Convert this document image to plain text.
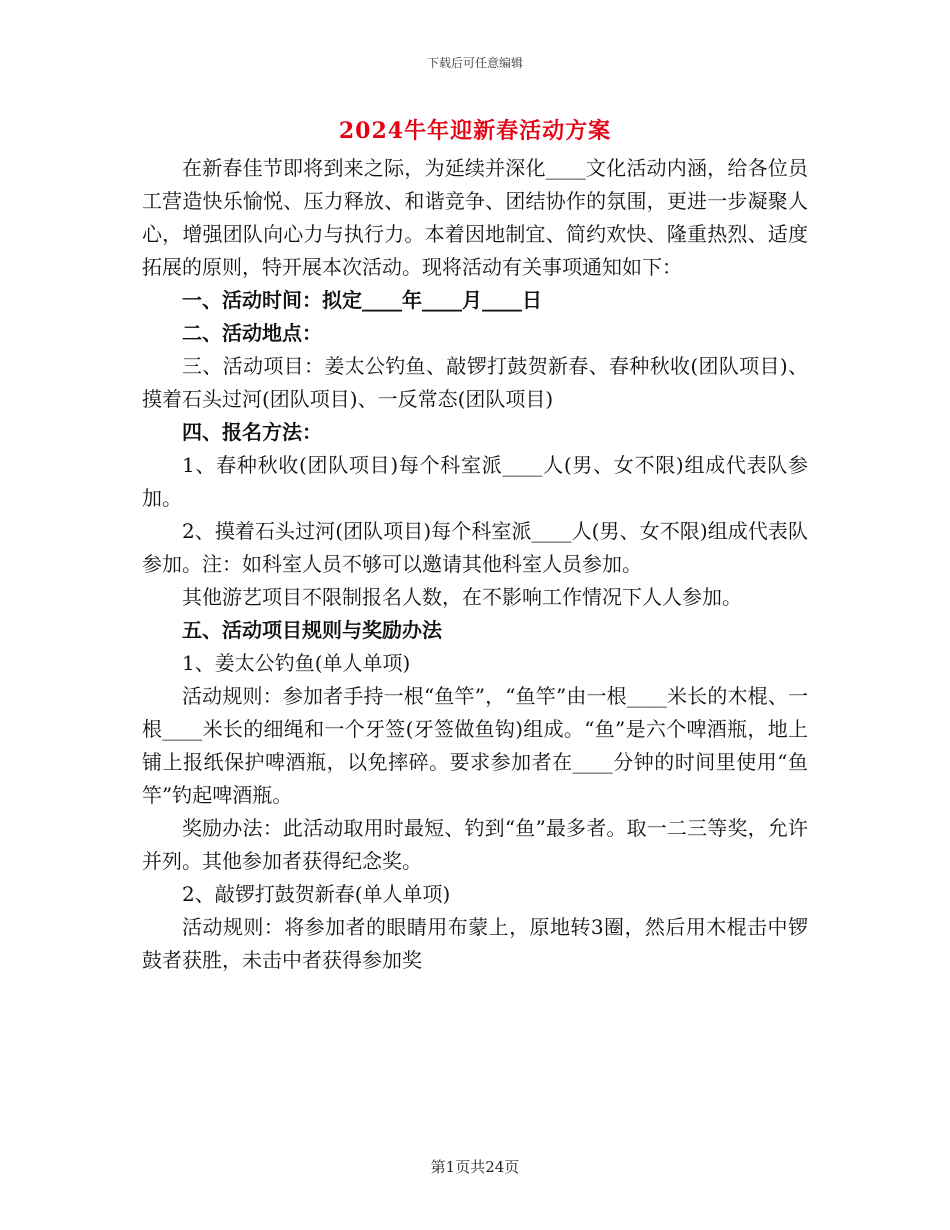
下载后可任意编辑
2024牛年迎新春活动方案

在新春佳节即将到来之际，为延续并深化____文化活动内涵，给各位员工营造快乐愉悦、压力释放、和谐竞争、团结协作的氛围，更进一步凝聚人心，增强团队向心力与执行力。本着因地制宜、简约欢快、隆重热烈、适度拓展的原则，特开展本次活动。现将活动有关事项通知如下：

一、活动时间：拟定____年____月____日

二、活动地点：

三、活动项目：姜太公钓鱼、敲锣打鼓贺新春、春种秋收(团队项目)、摸着石头过河(团队项目)、一反常态(团队项目)

四、报名方法：

1、春种秋收(团队项目)每个科室派____人(男、女不限)组成代表队参加。

2、摸着石头过河(团队项目)每个科室派____人(男、女不限)组成代表队参加。注：如科室人员不够可以邀请其他科室人员参加。

其他游艺项目不限制报名人数，在不影响工作情况下人人参加。

五、活动项目规则与奖励办法

1、姜太公钓鱼(单人单项)

活动规则：参加者手持一根“鱼竿”，“鱼竿”由一根____米长的木棍、一根____米长的细绳和一个牙签(牙签做鱼钩)组成。“鱼”是六个啤酒瓶，地上铺上报纸保护啤酒瓶，以免摔碎。要求参加者在____分钟的时间里使用“鱼竿”钓起啤酒瓶。

奖励办法：此活动取用时最短、钓到“鱼”最多者。取一二三等奖，允许并列。其他参加者获得纪念奖。

2、敲锣打鼓贺新春(单人单项)

活动规则：将参加者的眼睛用布蒙上，原地转3圈，然后用木棍击中锣鼓者获胜，未击中者获得参加奖

第1页共24页
